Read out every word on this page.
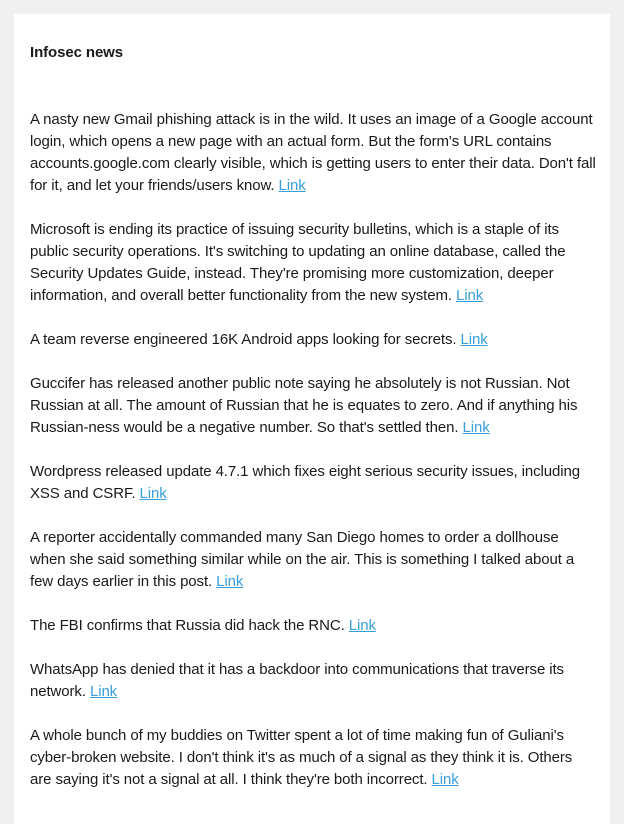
Infosec news

A nasty new Gmail phishing attack is in the wild. It uses an image of a Google account login, which opens a new page with an actual form. But the form's URL contains accounts.google.com clearly visible, which is getting users to enter their data. Don't fall for it, and let your friends/users know. Link

Microsoft is ending its practice of issuing security bulletins, which is a staple of its public security operations. It's switching to updating an online database, called the Security Updates Guide, instead. They're promising more customization, deeper information, and overall better functionality from the new system. Link

A team reverse engineered 16K Android apps looking for secrets. Link

Guccifer has released another public note saying he absolutely is not Russian. Not Russian at all. The amount of Russian that he is equates to zero. And if anything his Russian-ness would be a negative number. So that's settled then. Link

Wordpress released update 4.7.1 which fixes eight serious security issues, including XSS and CSRF. Link

A reporter accidentally commanded many San Diego homes to order a dollhouse when she said something similar while on the air. This is something I talked about a few days earlier in this post. Link

The FBI confirms that Russia did hack the RNC. Link

WhatsApp has denied that it has a backdoor into communications that traverse its network. Link

A whole bunch of my buddies on Twitter spent a lot of time making fun of Guliani's cyber-broken website. I don't think it's as much of a signal as they think it is. Others are saying it's not a signal at all. I think they're both incorrect. Link
